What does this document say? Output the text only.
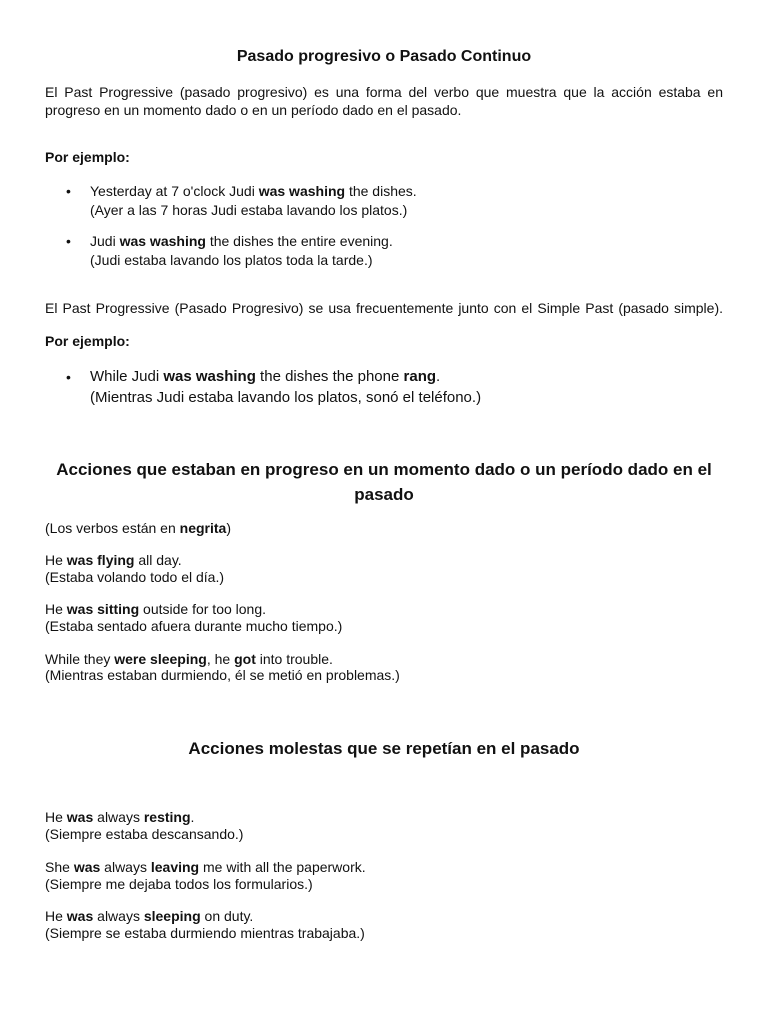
Pasado progresivo o Pasado Continuo
El Past Progressive (pasado progresivo) es una forma del verbo que muestra que la acción estaba en progreso en un momento dado o en un período dado en el pasado.
Por ejemplo:
• Yesterday at 7 o'clock Judi was washing the dishes.
(Ayer a las 7 horas Judi estaba lavando los platos.)
• Judi was washing the dishes the entire evening.
(Judi estaba lavando los platos toda la tarde.)
El Past Progressive (Pasado Progresivo) se usa frecuentemente junto con el Simple Past (pasado simple).
Por ejemplo:
• While Judi was washing the dishes the phone rang.
(Mientras Judi estaba lavando los platos, sonó el teléfono.)
Acciones que estaban en progreso en un momento dado o un período dado en el pasado
(Los verbos están en negrita)
He was flying all day.
(Estaba volando todo el día.)
He was sitting outside for too long.
(Estaba sentado afuera durante mucho tiempo.)
While they were sleeping, he got into trouble.
(Mientras estaban durmiendo, él se metió en problemas.)
Acciones molestas que se repetían en el pasado
He was always resting.
(Siempre estaba descansando.)
She was always leaving me with all the paperwork.
(Siempre me dejaba todos los formularios.)
He was always sleeping on duty.
(Siempre se estaba durmiendo mientras trabajaba.)
